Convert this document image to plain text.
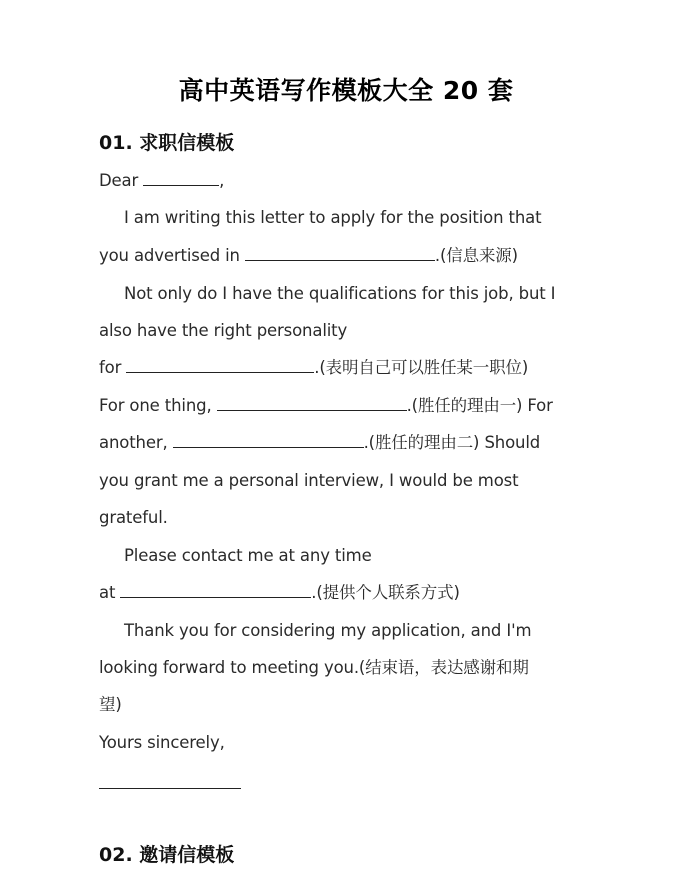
高中英语写作模板大全 20 套
01. 求职信模板
Dear	,
I am writing this letter to apply for the position that
you advertised in	.(信息来源)
Not only do I have the qualifications for this job, but I
also have the right personality
for	.(表明自己可以胜任某一职位)
For one thing,	.(胜任的理由一) For
another,	.(胜任的理由二) Should
you grant me a personal interview, I would be most
grateful.
Please contact me at any time
at	.(提供个人联系方式)
Thank you for considering my application, and I'm
looking forward to meeting you.(结束语，表达感谢和期
望)
Yours sincerely,
02. 邀请信模板
